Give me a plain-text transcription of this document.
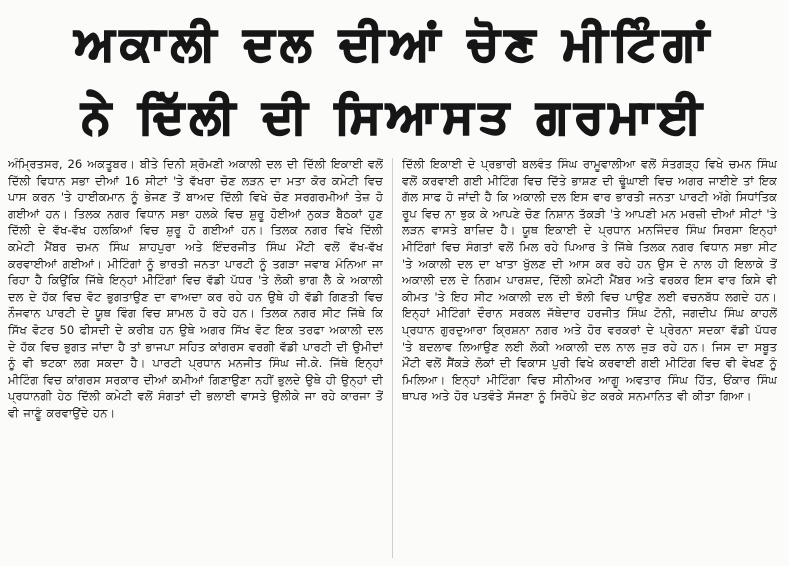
ਅਕਾਲੀ ਦਲ ਦੀਆਂ ਚੋਣ ਮੀਟਿੰਗਾਂ
ਨੇ ਦਿੱਲੀ ਦੀ ਸਿਆਸਤ ਗਰਮਾਈ

ਅੰਮ੍ਰਿਤਸਰ, 26 ਅਕਤੂਬਰ। ਬੀਤੇ ਦਿਨੀ ਸ਼੍ਰੋਮਣੀ ਅਕਾਲੀ ਦਲ ਦੀ ਦਿੱਲੀ ਇਕਾਈ ਵਲੋਂ ਦਿੱਲੀ ਵਿਧਾਨ ਸਭਾ ਦੀਆਂ 16 ਸੀਟਾਂ 'ਤੇ ਵੱਖਰਾ ਚੋਣ ਲੜਨ ਦਾ ਮਤਾ ਕੋਰ ਕਮੇਟੀ ਵਿਚ ਪਾਸ ਕਰਨ 'ਤੇ ਹਾਈਕਮਾਨ ਨੂੰ ਭੇਜਣ ਤੋਂ ਬਾਅਦ ਦਿੱਲੀ ਵਿਖੇ ਚੋਣ ਸਰਗਰਮੀਆਂ ਤੇਜ਼ ਹੋ ਗਈਆਂ ਹਨ। ਤਿਲਕ ਨਗਰ ਵਿਧਾਨ ਸਭਾ ਹਲਕੇ ਵਿਚ ਸ਼ੁਰੂ ਹੋਈਆਂ ਨੁਕੜ ਬੈਠਕਾਂ ਹੁਣ ਦਿੱਲੀ ਦੇ ਵੱਖ-ਵੱਖ ਹਲਕਿਆਂ ਵਿਚ ਸ਼ੁਰੂ ਹੋ ਗਈਆਂ ਹਨ। ਤਿਲਕ ਨਗਰ ਵਿਖੇ ਦਿੱਲੀ ਕਮੇਟੀ ਮੈਂਬਰ ਚਮਨ ਸਿੰਘ ਸ਼ਾਹਪੁਰਾ ਅਤੇ ਇੰਦਰਜੀਤ ਸਿੰਘ ਮੌਂਟੀ ਵਲੋਂ ਵੱਖ-ਵੱਖ ਕਰਵਾਈਆਂ ਗਈਆਂ। ਮੀਟਿੰਗਾਂ ਨੂੰ ਭਾਰਤੀ ਜਨਤਾ ਪਾਰਟੀ ਨੂੰ ਤਗੜਾ ਜਵਾਬ ਮੰਨਿਆ ਜਾ ਰਿਹਾ ਹੈ ਕਿਉਂਕਿ ਜਿੱਥੇ ਇਨ੍ਹਾਂ ਮੀਟਿੰਗਾਂ ਵਿਚ ਵੱਡੀ ਪੱਧਰ 'ਤੇ ਲੋਕੀ ਭਾਗ ਲੈ ਕੇ ਅਕਾਲੀ ਦਲ ਦੇ ਹੱਕ ਵਿਚ ਵੋਟ ਭੁਗਤਾਉਣ ਦਾ ਵਾਅਦਾ ਕਰ ਰਹੇ ਹਨ ਉਥੇ ਹੀ ਵੱਡੀ ਗਿਣਤੀ ਵਿਚ ਨੌਜਵਾਨ ਪਾਰਟੀ ਦੇ ਯੂਥ ਵਿੰਗ ਵਿਚ ਸ਼ਾਮਲ ਹੋ ਰਹੇ ਹਨ। ਤਿਲਕ ਨਗਰ ਸੀਟ ਜਿੱਥੇ ਕਿ ਸਿੱਖ ਵੋਟਰ 50 ਫੀਸਦੀ ਦੇ ਕਰੀਬ ਹਨ ਉਥੇ ਅਗਰ ਸਿੱਖ ਵੋਟ ਇਕ ਤਰਫਾ ਅਕਾਲੀ ਦਲ ਦੇ ਹੱਕ ਵਿਚ ਭੁਗਤ ਜਾਂਦਾ ਹੈ ਤਾਂ ਭਾਜਪਾ ਸਹਿਤ ਕਾਂਗਰਸ ਵਰਗੀ ਵੱਡੀ ਪਾਰਟੀ ਦੀ ਉਮੀਦਾਂ ਨੂੰ ਵੀ ਝਟਕਾ ਲਗ ਸਕਦਾ ਹੈ। ਪਾਰਟੀ ਪ੍ਰਧਾਨ ਮਨਜੀਤ ਸਿੰਘ ਜੀ.ਕੇ. ਜਿੱਥੇ ਇਨ੍ਹਾਂ ਮੀਟਿੰਗ ਵਿਚ ਕਾਂਗਰਸ ਸਰਕਾਰ ਦੀਆਂ ਕਮੀਆਂ ਗਿਣਾਉਣਾ ਨਹੀਂ ਭੁਲਦੇ ਉਥੇ ਹੀ ਉਨ੍ਹਾਂ ਦੀ ਪ੍ਰਧਾਨਗੀ ਹੇਠ ਦਿੱਲੀ ਕਮੇਟੀ ਵਲੋਂ ਸੰਗਤਾਂ ਦੀ ਭਲਾਈ ਵਾਸਤੇ ਉਲੀਕੇ ਜਾ ਰਹੇ ਕਾਰਜਾ ਤੋਂ ਵੀ ਜਾਣੂੰ ਕਰਵਾਉਂਦੇ ਹਨ।

ਦਿੱਲੀ ਇਕਾਈ ਦੇ ਪ੍ਰਭਾਰੀ ਬਲਵੰਤ ਸਿੰਘ ਰਾਮੂਵਾਲੀਆ ਵਲੋਂ ਸੰਤਗੜ੍ਹ ਵਿਖੇ ਚਮਨ ਸਿੰਘ ਵਲੋਂ ਕਰਵਾਈ ਗਈ ਮੀਟਿੰਗ ਵਿਚ ਦਿੱਤੇ ਭਾਸ਼ਣ ਦੀ ਢੂੰਘਾਈ ਵਿਚ ਅਗਰ ਜਾਈਏ ਤਾਂ ਇਕ ਗੱਲ ਸਾਫ ਹੋ ਜਾਂਦੀ ਹੈ ਕਿ ਅਕਾਲੀ ਦਲ ਇਸ ਵਾਰ ਭਾਰਤੀ ਜਨਤਾ ਪਾਰਟੀ ਅੱਗੇ ਸਿਧਾਂਤਿਕ ਰੂਪ ਵਿਚ ਨਾ ਝੁਕ ਕੇ ਆਪਣੇ ਚੋਣ ਨਿਸ਼ਾਨ ਤੱਕੜੀ 'ਤੇ ਆਪਣੀ ਮਨ ਮਰਜ਼ੀ ਦੀਆਂ ਸੀਟਾਂ 'ਤੇ ਲੜਨ ਵਾਸਤੇ ਬਾਜ਼ਿਦ ਹੈ। ਯੂਥ ਇਕਾਈ ਦੇ ਪ੍ਰਧਾਨ ਮਨਜਿੰਦਰ ਸਿੰਘ ਸਿਰਸਾ ਇਨ੍ਹਾਂ ਮੀਟਿੰਗਾਂ ਵਿਚ ਸੰਗਤਾਂ ਵਲੋਂ ਮਿਲ ਰਹੇ ਪਿਆਰ ਤੇ ਜਿੱਥੇ ਤਿਲਕ ਨਗਰ ਵਿਧਾਨ ਸਭਾ ਸੀਟ 'ਤੇ ਅਕਾਲੀ ਦਲ ਦਾ ਖਾਤਾ ਖੁੱਲਣ ਦੀ ਆਸ ਕਰ ਰਹੇ ਹਨ ਉਸ ਦੇ ਨਾਲ ਹੀ ਇਲਾਕੇ ਤੋਂ ਅਕਾਲੀ ਦਲ ਦੇ ਨਿਗਮ ਪਾਰਸ਼ਦ, ਦਿੱਲੀ ਕਮੇਟੀ ਮੈਂਬਰ ਅਤੇ ਵਰਕਰ ਇਸ ਵਾਰ ਕਿਸੇ ਵੀ ਕੀਮਤ 'ਤੇ ਇਹ ਸੀਟ ਅਕਾਲੀ ਦਲ ਦੀ ਝੋਲੀ ਵਿਚ ਪਾਉਣ ਲਈ ਵਚਨਬੱਧ ਲਗਦੇ ਹਨ। ਇਨ੍ਹਾਂ ਮੀਟਿੰਗਾਂ ਦੌਰਾਨ ਸਰਕਲ ਜੱਥੇਦਾਰ ਹਰਜੀਤ ਸਿੰਘ ਟੋਨੀ, ਜਗਦੀਪ ਸਿੰਘ ਕਾਹਲੋਂ ਪ੍ਰਧਾਨ ਗੁਰਦੁਆਰਾ ਕ੍ਰਿਸ਼ਨਾ ਨਗਰ ਅਤੇ ਹੋਰ ਵਰਕਰਾਂ ਦੇ ਪ੍ਰੇਰਨਾ ਸਦਕਾ ਵੱਡੀ ਪੱਧਰ 'ਤੇ ਬਦਲਾਵ ਲਿਆਉਣ ਲਈ ਲੋਕੀ ਅਕਾਲੀ ਦਲ ਨਾਲ ਜੁੜ ਰਹੇ ਹਨ। ਜਿਸ ਦਾ ਸਬੂਤ ਮੌਂਟੀ ਵਲੋਂ ਸੈਂਕੜੇ ਲੋਕਾਂ ਦੀ ਵਿਕਾਸ ਪੁਰੀ ਵਿਖੇ ਕਰਵਾਈ ਗਈ ਮੀਟਿੰਗ ਵਿਚ ਵੀ ਵੇਖਣ ਨੂੰ ਮਿਲਿਆ। ਇਨ੍ਹਾਂ ਮੀਟਿੰਗਾ ਵਿਚ ਸੀਨੀਅਰ ਆਗੂ ਅਵਤਾਰ ਸਿੰਘ ਹਿੱਤ, ਓਂਕਾਰ ਸਿੰਘ ਥਾਪਰ ਅਤੇ ਹੋਰ ਪਤਵੰਤੇ ਸੱਜਣਾ ਨੂੰ ਸਿਰੋਪੇ ਭੇਟ ਕਰਕੇ ਸਨਮਾਨਿਤ ਵੀ ਕੀਤਾ ਗਿਆ।
